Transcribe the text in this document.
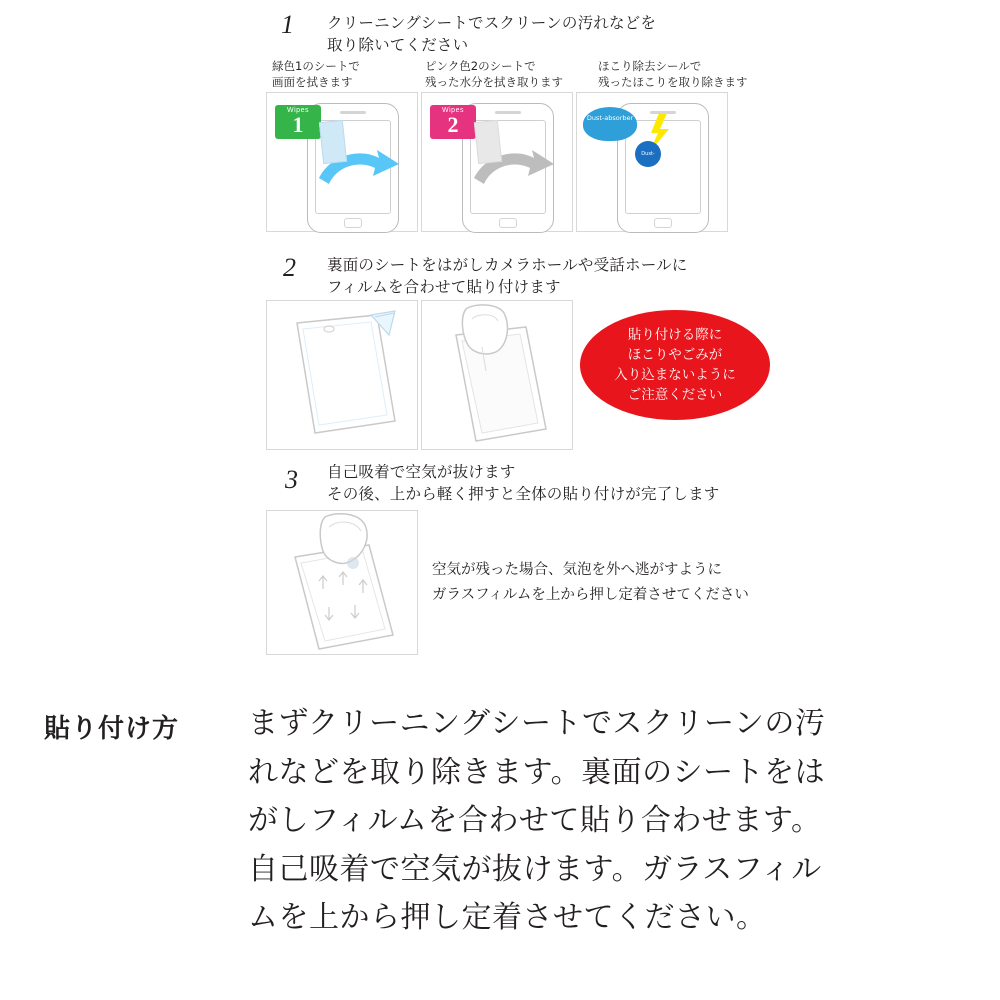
1 クリーニングシートでスクリーンの汚れなどを
取り除いてください
緑色1のシートで
画面を拭きます
ピンク色2のシートで
残った水分を拭き取ります
ほこり除去シールで
残ったほこりを取り除きます
Wipes
1
Wipes
2	Dust-absorber
Dust-absorber
2 裏面のシートをはがしカメラホールや受話ホールに
フィルムを合わせて貼り付けます
貼り付ける際に
ほこりやごみが
入り込まないように
ご注意ください
3 自己吸着で空気が抜けます
その後、上から軽く押すと全体の貼り付けが完了します
空気が残った場合、気泡を外へ逃がすように
ガラスフィルムを上から押し定着させてください
貼り付け方 まずクリーニングシートでスクリーンの汚
れなどを取り除きます。裏面のシートをは
がしフィルムを合わせて貼り合わせます。
自己吸着で空気が抜けます。ガラスフィル
ムを上から押し定着させてください。
